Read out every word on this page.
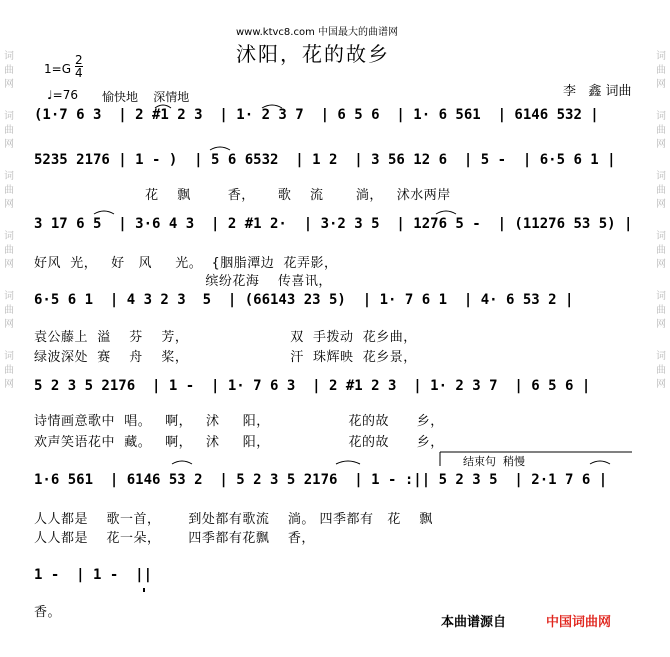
词
曲
网
词
曲
网
词
曲
网
词
曲
网
词
曲
网
词
曲
网
词
曲
网
词
曲
网
词
曲
网
词
曲
网
词
曲
网
词
曲
网
www.ktvc8.com 中国最大的曲谱网
沭阳，花的故乡
1=G
2
4
♩=76 愉快地    深情地	李   鑫 词曲
(1·7 6 3  | 2 #1 2 3  | 1· 2 3 7  | 6 5 6  | 1· 6 561  | 6146 532 |
5235 2176 | 1 - )  | 5 6 6532  | 1 2  | 3 56 12 6  | 5 -  | 6·5 6 1 |
花    飘        香，     歌    流       淌，   沭水两岸
3 17 6 5  | 3·6 4 3  | 2 #1 2·  | 3·2 3 5  | 1276 5 -  | (11276 53 5) |
好风  光，   好   风     光。  {胭脂潭边  花弄影，
缤纷花海    传喜讯，
6·5 6 1  | 4 3 2 3  5  | (66143 23 5)  | 1· 7 6 1  | 4· 6 53 2 |
袁公藤上  溢    芬    芳，                      双  手拨动  花乡曲，
绿波深处  赛    舟    桨，                      汗  珠辉映  花乡景，
5 2 3 5 2176  | 1 -  | 1· 7 6 3  | 2 #1 2 3  | 1· 2 3 7  | 6 5 6 |
诗情画意歌中  唱。   啊，   沭     阳，                 花的故      乡，
欢声笑语花中  藏。   啊，   沭     阳，                 花的故      乡，
结束句  稍慢
1·6 561  | 6146 53 2  | 5 2 3 5 2176  | 1 - :|| 5 2 3 5  | 2·1 7 6 |
人人都是    歌一首，      到处都有歌流    淌。 四季都有   花    飘
人人都是    花一朵，      四季都有花飘    香，
1 -  | 1 -  ||
香。
本曲谱源自	中国词曲网
